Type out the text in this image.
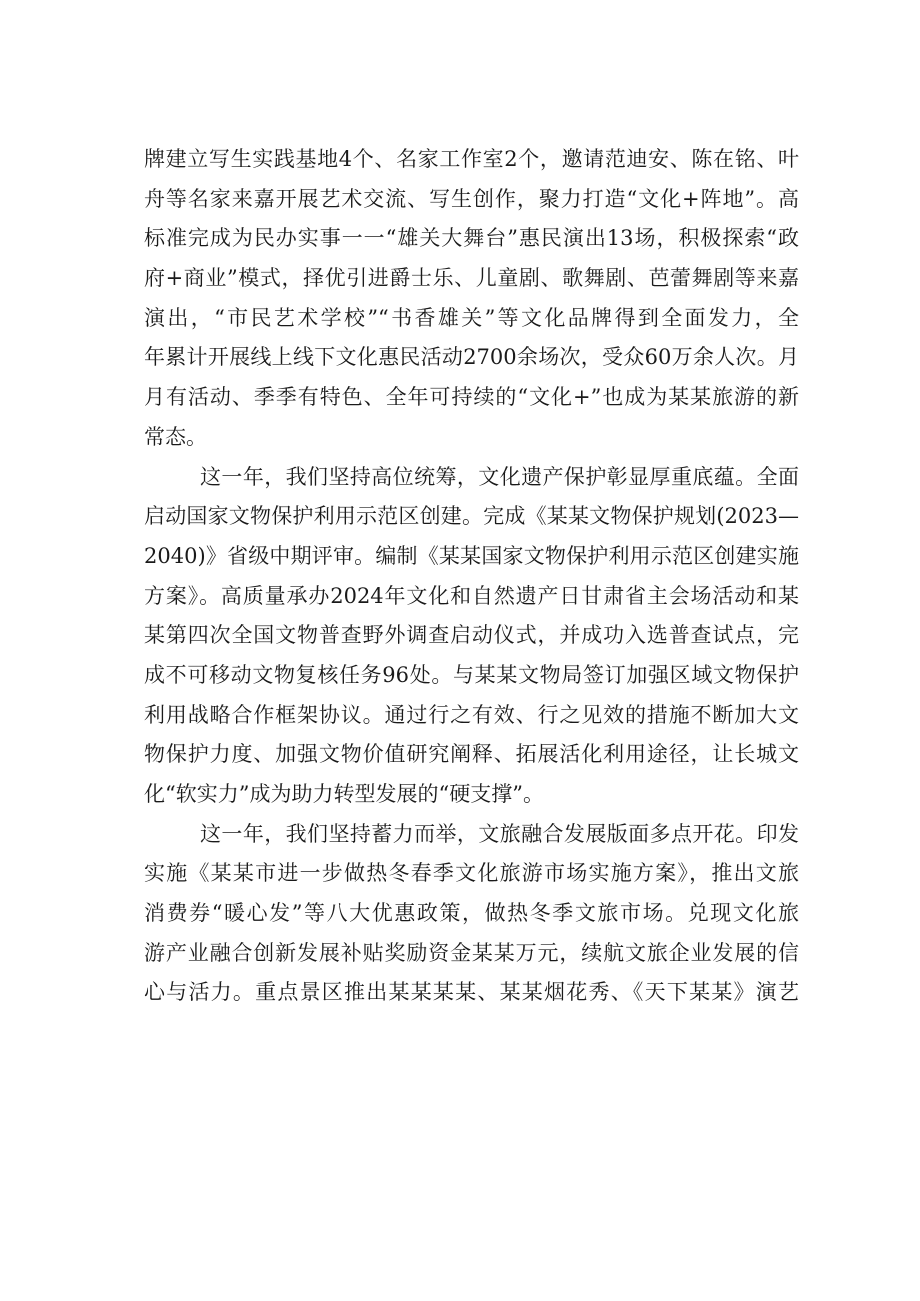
牌建立写生实践基地4个、名家工作室2个，邀请范迪安、陈在铭、叶
舟等名家来嘉开展艺术交流、写生创作，聚力打造“文化+阵地”。高
标准完成为民办实事一一“雄关大舞台”惠民演出13场，积极探索“政
府+商业”模式，择优引进爵士乐、儿童剧、歌舞剧、芭蕾舞剧等来嘉
演出，“市民艺术学校”“书香雄关”等文化品牌得到全面发力，全
年累计开展线上线下文化惠民活动2700余场次，受众60万余人次。月
月有活动、季季有特色、全年可持续的“文化+”也成为某某旅游的新
常态。
这一年，我们坚持高位统筹，文化遗产保护彰显厚重底蕴。全面
启动国家文物保护利用示范区创建。完成《某某文物保护规划(2023—
2040)》省级中期评审。编制《某某国家文物保护利用示范区创建实施
方案》。高质量承办2024年文化和自然遗产日甘肃省主会场活动和某
某第四次全国文物普查野外调查启动仪式，并成功入选普查试点，完
成不可移动文物复核任务96处。与某某文物局签订加强区域文物保护
利用战略合作框架协议。通过行之有效、行之见效的措施不断加大文
物保护力度、加强文物价值研究阐释、拓展活化利用途径，让长城文
化“软实力”成为助力转型发展的“硬支撑”。
这一年，我们坚持蓄力而举，文旅融合发展版面多点开花。印发
实施《某某市进一步做热冬春季文化旅游市场实施方案》，推出文旅
消费券“暖心发”等八大优惠政策，做热冬季文旅市场。兑现文化旅
游产业融合创新发展补贴奖励资金某某万元，续航文旅企业发展的信
心与活力。重点景区推出某某某某、某某烟花秀、《天下某某》演艺
